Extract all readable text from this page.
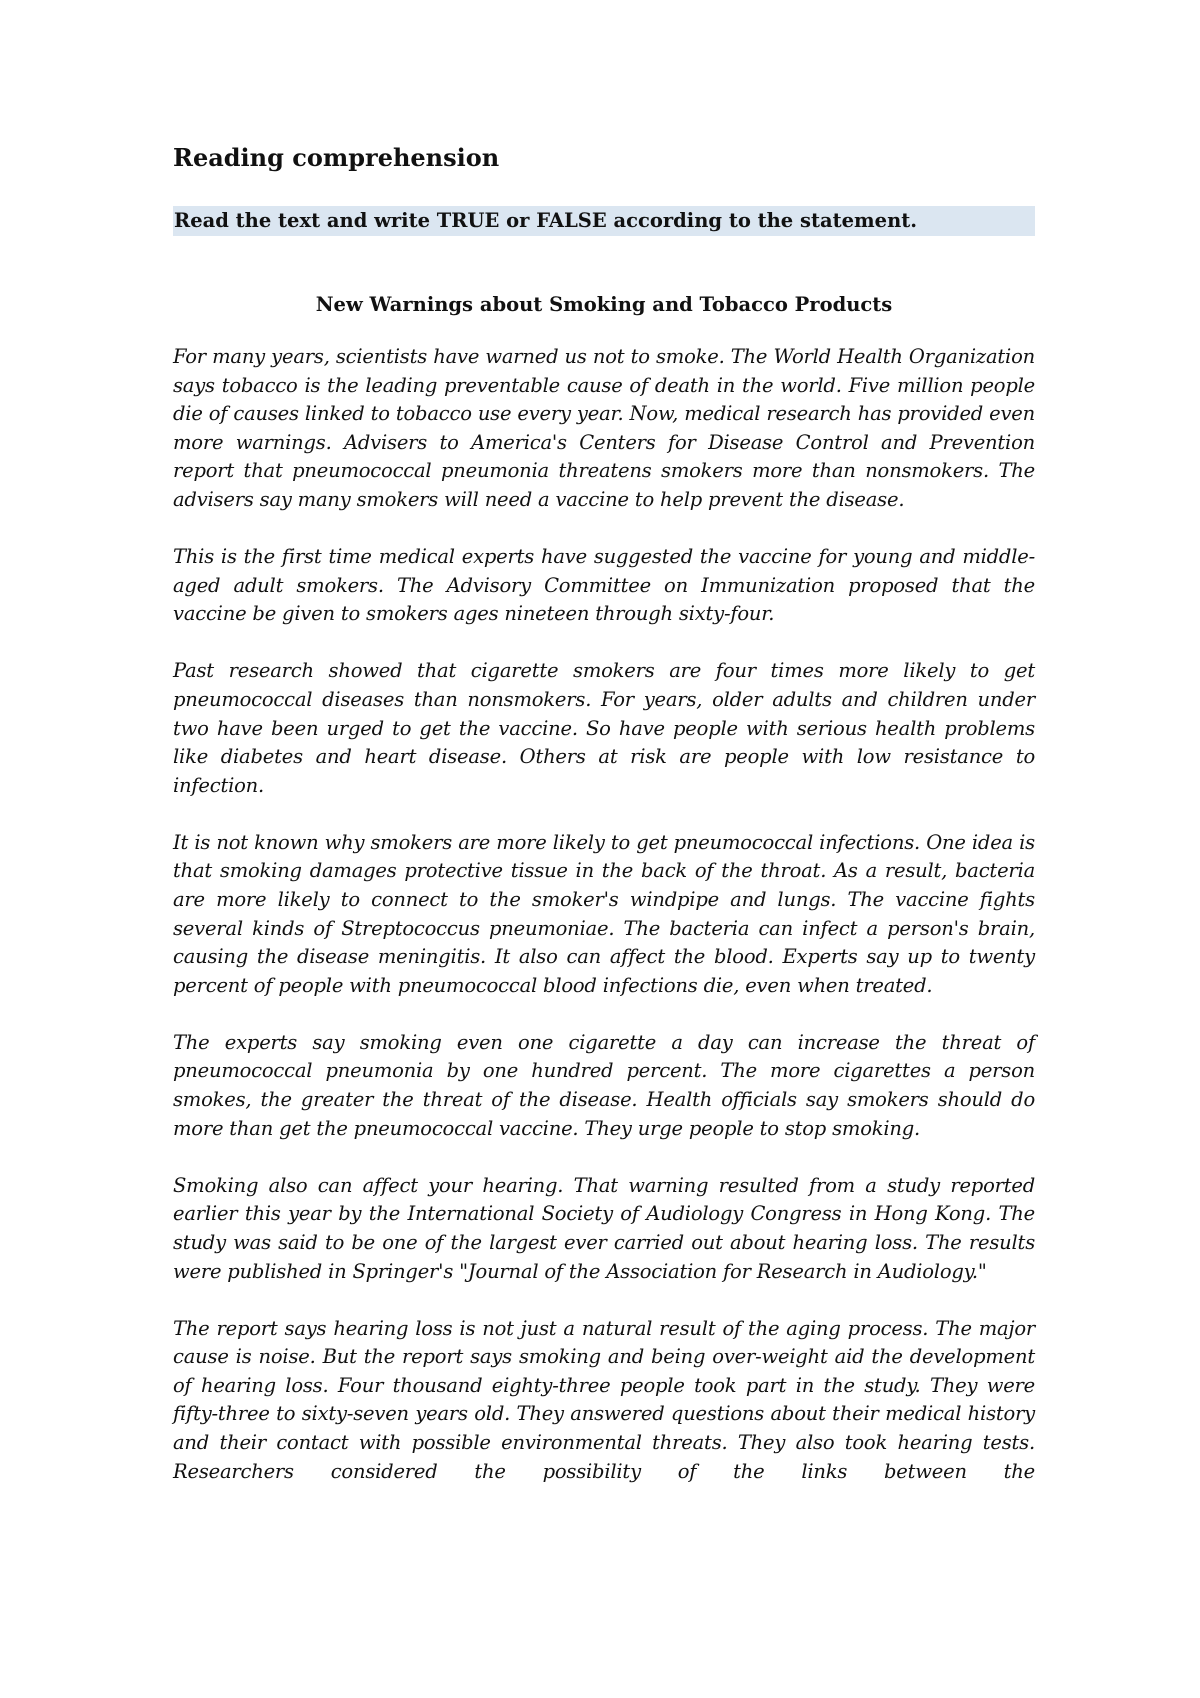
Reading comprehension
Read the text and write TRUE or FALSE according to the statement.
New Warnings about Smoking and Tobacco Products

For many years, scientists have warned us not to smoke. The World Health Organization says tobacco is the leading preventable cause of death in the world. Five million people die of causes linked to tobacco use every year. Now, medical research has provided even more warnings. Advisers to America's Centers for Disease Control and Prevention report that pneumococcal pneumonia threatens smokers more than nonsmokers. The advisers say many smokers will need a vaccine to help prevent the disease.

This is the first time medical experts have suggested the vaccine for young and middle-aged adult smokers. The Advisory Committee on Immunization proposed that the vaccine be given to smokers ages nineteen through sixty-four.

Past research showed that cigarette smokers are four times more likely to get pneumococcal diseases than nonsmokers. For years, older adults and children under two have been urged to get the vaccine. So have people with serious health problems like diabetes and heart disease. Others at risk are people with low resistance to infection.

It is not known why smokers are more likely to get pneumococcal infections. One idea is that smoking damages protective tissue in the back of the throat. As a result, bacteria are more likely to connect to the smoker's windpipe and lungs. The vaccine fights several kinds of Streptococcus pneumoniae. The bacteria can infect a person's brain, causing the disease meningitis. It also can affect the blood. Experts say up to twenty percent of people with pneumococcal blood infections die, even when treated.

The experts say smoking even one cigarette a day can increase the threat of pneumococcal pneumonia by one hundred percent. The more cigarettes a person smokes, the greater the threat of the disease. Health officials say smokers should do more than get the pneumococcal vaccine. They urge people to stop smoking.

Smoking also can affect your hearing. That warning resulted from a study reported earlier this year by the International Society of Audiology Congress in Hong Kong. The study was said to be one of the largest ever carried out about hearing loss. The results were published in Springer's "Journal of the Association for Research in Audiology."

The report says hearing loss is not just a natural result of the aging process. The major cause is noise. But the report says smoking and being over-weight aid the development of hearing loss. Four thousand eighty-three people took part in the study. They were fifty-three to sixty-seven years old. They answered questions about their medical history and their contact with possible environmental threats. They also took hearing tests. Researchers considered the possibility of the links between the
